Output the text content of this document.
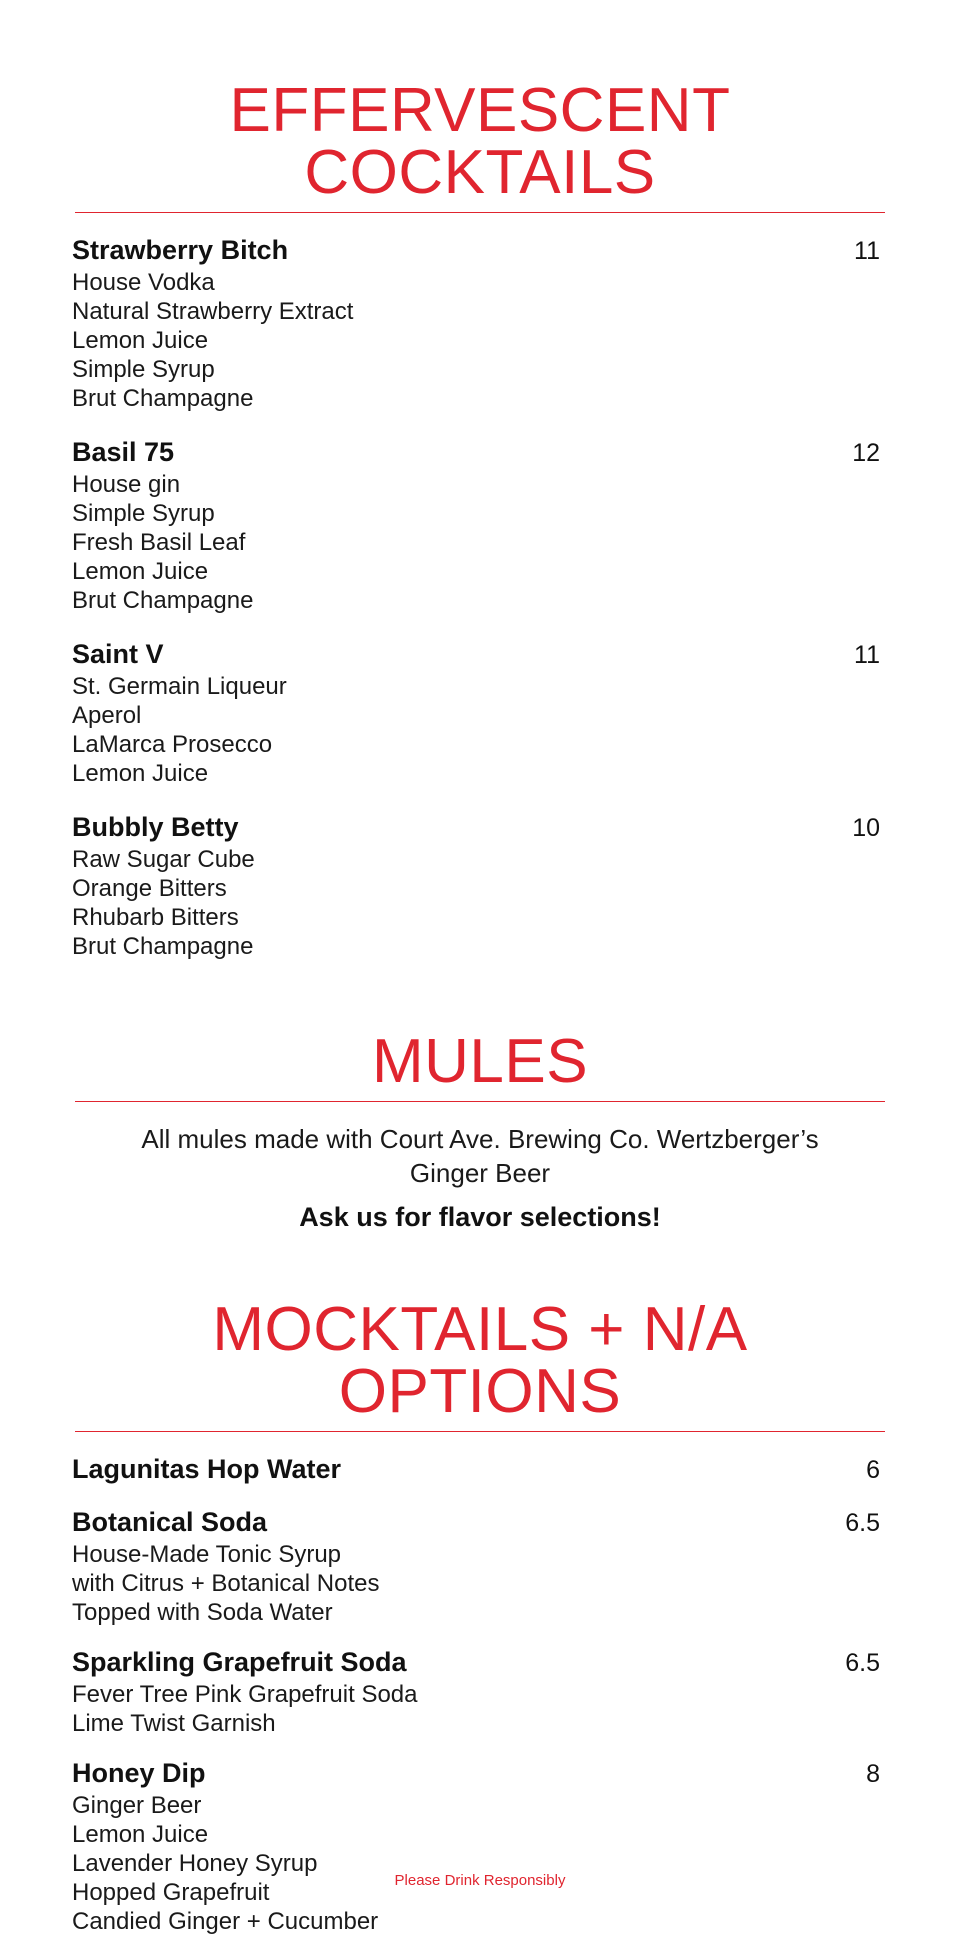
EFFERVESCENT COCKTAILS
Strawberry Bitch	11
House Vodka
Natural Strawberry Extract
Lemon Juice
Simple Syrup
Brut Champagne
Basil 75	12
House gin
Simple Syrup
Fresh Basil Leaf
Lemon Juice
Brut Champagne
Saint V	11
St. Germain Liqueur
Aperol
LaMarca Prosecco
Lemon Juice
Bubbly Betty	10
Raw Sugar Cube
Orange Bitters
Rhubarb Bitters
Brut Champagne
MULES
All mules made with Court Ave. Brewing Co. Wertzberger’s Ginger Beer
Ask us for flavor selections!
MOCKTAILS + N/A OPTIONS
Lagunitas Hop Water	6
Botanical Soda	6.5
House-Made Tonic Syrup
with Citrus + Botanical Notes
Topped with Soda Water
Sparkling Grapefruit Soda	6.5
Fever Tree Pink Grapefruit Soda
Lime Twist Garnish
Honey Dip	8
Ginger Beer
Lemon Juice
Lavender Honey Syrup
Hopped Grapefruit
Candied Ginger + Cucumber
Please Drink Responsibly
